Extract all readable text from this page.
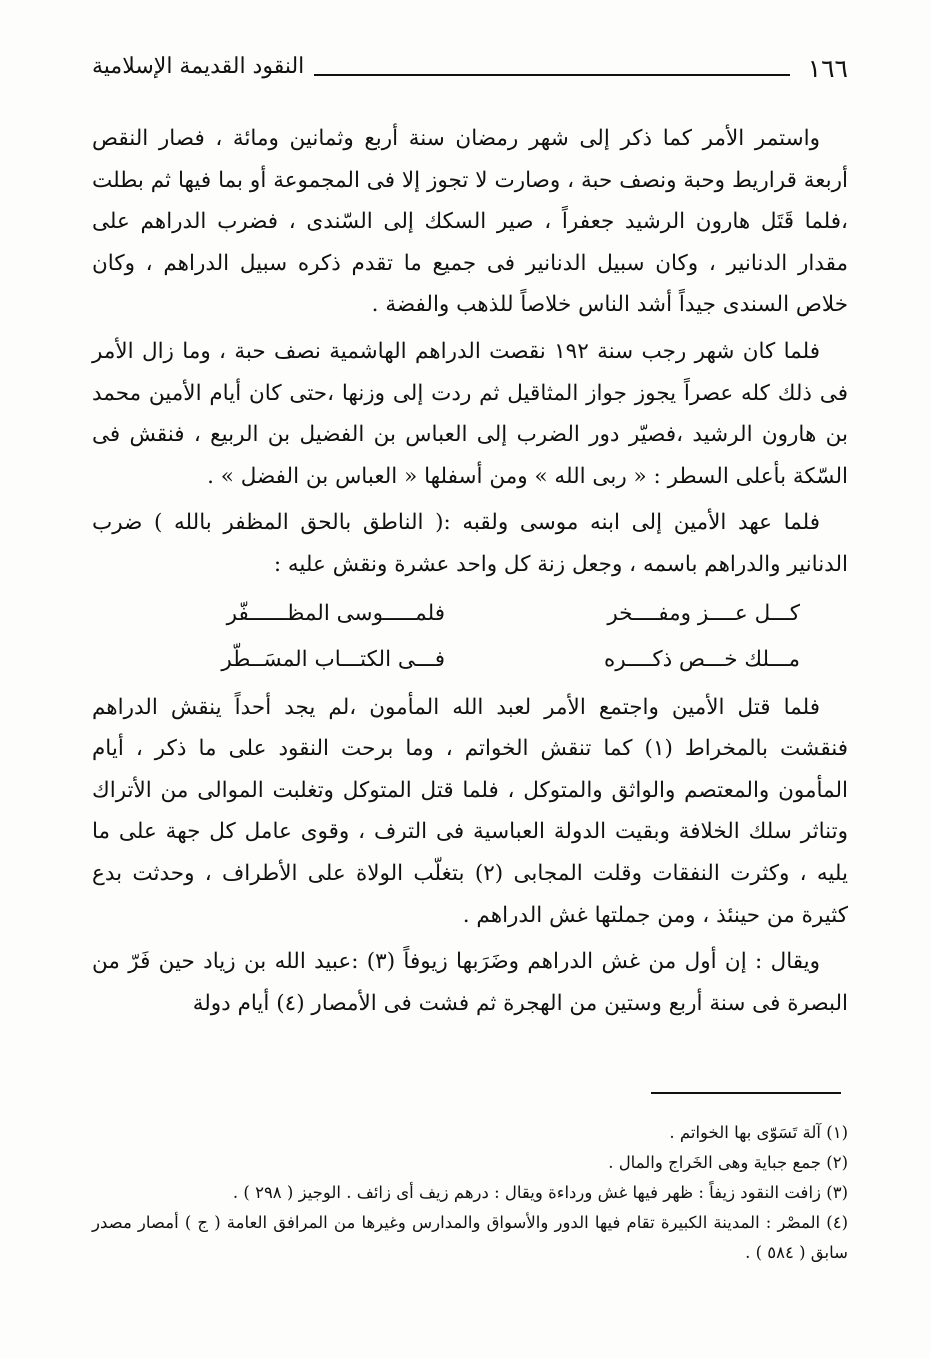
١٦٦
النقود القديمة الإسلامية

واستمر الأمر كما ذكر إلى شهر رمضان سنة أربع وثمانين ومائة ، فصار النقص أربعة قراريط وحبة ونصف حبة ، وصارت لا تجوز إلا فى المجموعة أو بما فيها ثم بطلت ،فلما قَتَل هارون الرشيد جعفراً ، صير السكك إلى السّندى ، فضرب الدراهم على مقدار الدنانير ، وكان سبيل الدنانير فى جميع ما تقدم ذكره سبيل الدراهم ، وكان خلاص السندى جيداً أشد الناس خلاصاً للذهب والفضة .

فلما كان شهر رجب سنة ١٩٢ نقصت الدراهم الهاشمية نصف حبة ، وما زال الأمر فى ذلك كله عصراً يجوز جواز المثاقيل ثم ردت إلى وزنها ،حتى كان أيام الأمين محمد بن هارون الرشيد ،فصيّر دور الضرب إلى العباس بن الفضيل بن الربيع ، فنقش فى السّكة بأعلى السطر : « ربى الله » ومن أسفلها « العباس بن الفضل » .

فلما عهد الأمين إلى ابنه موسى ولقبه :( الناطق بالحق المظفر بالله ) ضرب الدنانير والدراهم باسمه ، وجعل زنة كل واحد عشرة ونقش عليه :

كـــل عــــز ومفــــخر
فلمـــــوسى المظــــــفّر
مـــلك خـــص ذكــــره
فـــى الكتـــاب المسَــطّر

فلما قتل الأمين واجتمع الأمر لعبد الله المأمون ،لم يجد أحداً ينقش الدراهم فنقشت بالمخراط (١) كما تنقش الخواتم ، وما برحت النقود على ما ذكر ، أيام المأمون والمعتصم والواثق والمتوكل ، فلما قتل المتوكل وتغلبت الموالى من الأتراك وتناثر سلك الخلافة وبقيت الدولة العباسية فى الترف ، وقوى عامل كل جهة على ما يليه ، وكثرت النفقات وقلت المجابى (٢) بتغلّب الولاة على الأطراف ، وحدثت بدع كثيرة من حينئذ ، ومن جملتها غش الدراهم .

ويقال : إن أول من غش الدراهم وضَرَبها زيوفاً (٣) :عبيد الله بن زياد حين فَرّ من البصرة فى سنة أربع وستين من الهجرة ثم فشت فى الأمصار (٤) أيام دولة

(١) آلة تَسَوّى بها الخواتم .

(٢) جمع جباية وهى الخَراج والمال .

(٣) زافت النقود زيفاً : ظهر فيها غش ورداءة ويقال : درهم زيف أى زائف . الوجيز ( ٢٩٨ ) .

(٤) المصْر : المدينة الكبيرة تقام فيها الدور والأسواق والمدارس وغيرها من المرافق العامة ( ج ) أمصار مصدر سابق ( ٥٨٤ ) .
